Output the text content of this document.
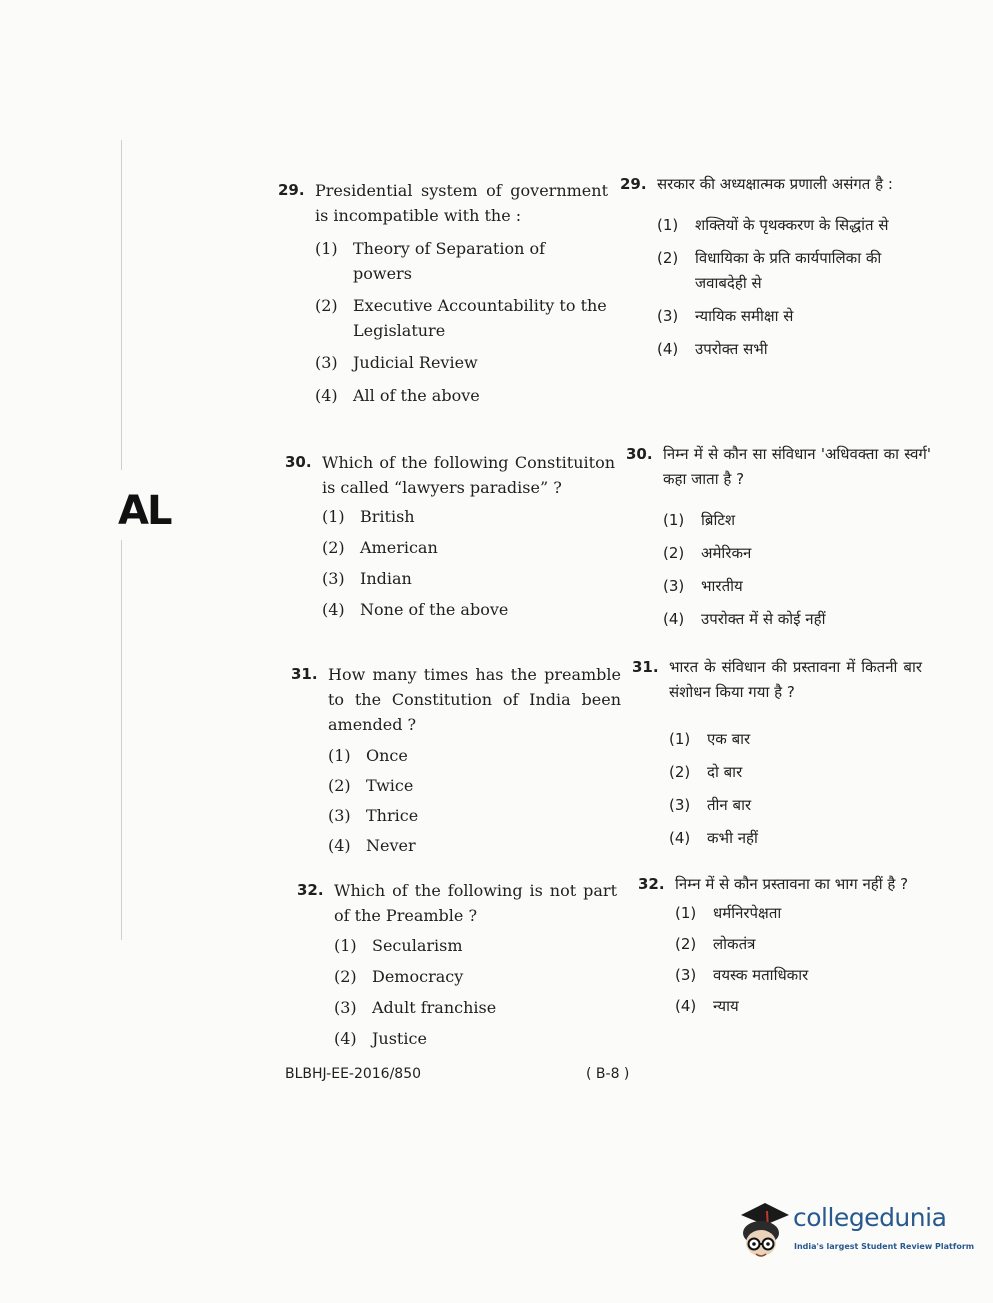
AL
29. Presidential system of government is incompatible with the :
(1) Theory of Separation of powers
(2) Executive Accountability to the Legislature
(3) Judicial Review
(4) All of the above
30. Which of the following Constituiton is called “lawyers paradise” ?
(1) British
(2) American
(3) Indian
(4) None of the above
31. How many times has the preamble to the Constitution of India been amended ?
(1) Once
(2) Twice
(3) Thrice
(4) Never
32. Which of the following is not part of the Preamble ?
(1) Secularism
(2) Democracy
(3) Adult franchise
(4) Justice
29. सरकार की अध्यक्षात्मक प्रणाली असंगत है :
(1)	शक्तियों के पृथक्करण के सिद्धांत से
(2)	विधायिका के प्रति कार्यपालिका की जवाबदेही से
(3)	न्यायिक समीक्षा से
(4)	उपरोक्त सभी
30. निम्न में से कौन सा संविधान 'अधिवक्ता का स्वर्ग' कहा जाता है ?
(1)	ब्रिटिश
(2)	अमेरिकन
(3)	भारतीय
(4)	उपरोक्त में से कोई नहीं
31. भारत के संविधान की प्रस्तावना में कितनी बार संशोधन किया गया है ?
(1)	एक बार
(2)	दो बार
(3)	तीन बार
(4)	कभी नहीं
32. निम्न में से कौन प्रस्तावना का भाग नहीं है ?
(1)	धर्मनिरपेक्षता
(2)	लोकतंत्र
(3)	वयस्क मताधिकार
(4)	न्याय
BLBHJ-EE-2016/850	( B-8 )
collegedunia
India's largest Student Review Platform
